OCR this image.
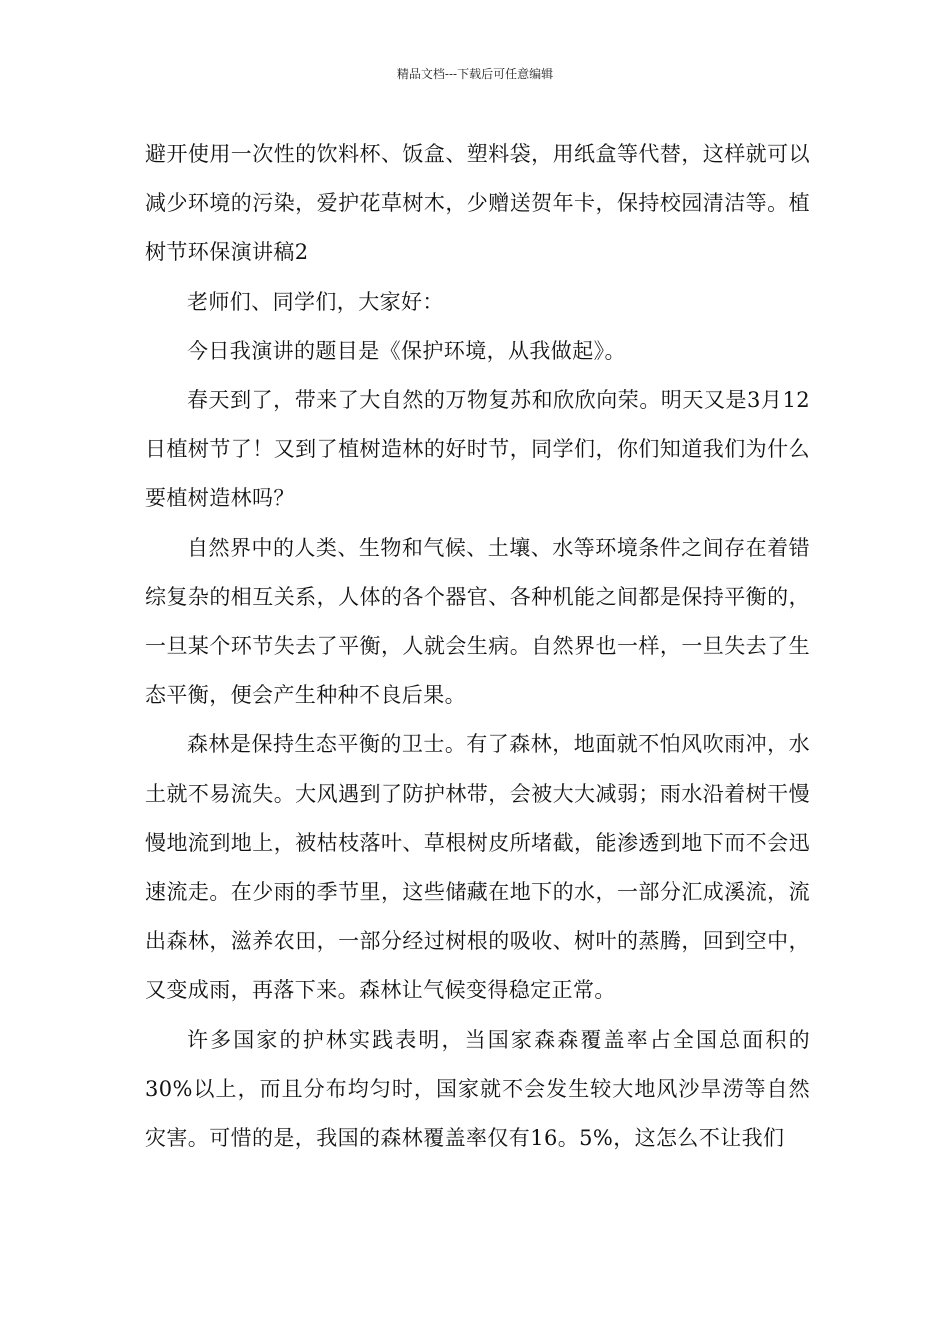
精品文档---下载后可任意编辑

避开使用一次性的饮料杯、饭盒、塑料袋，用纸盒等代替，这样就可以减少环境的污染，爱护花草树木，少赠送贺年卡，保持校园清洁等。植树节环保演讲稿2

老师们、同学们，大家好：

今日我演讲的题目是《保护环境，从我做起》。

春天到了，带来了大自然的万物复苏和欣欣向荣。明天又是3月12日植树节了！又到了植树造林的好时节，同学们，你们知道我们为什么要植树造林吗？

自然界中的人类、生物和气候、土壤、水等环境条件之间存在着错综复杂的相互关系，人体的各个器官、各种机能之间都是保持平衡的，一旦某个环节失去了平衡，人就会生病。自然界也一样，一旦失去了生态平衡，便会产生种种不良后果。

森林是保持生态平衡的卫士。有了森林，地面就不怕风吹雨冲，水土就不易流失。大风遇到了防护林带，会被大大减弱；雨水沿着树干慢慢地流到地上，被枯枝落叶、草根树皮所堵截，能渗透到地下而不会迅速流走。在少雨的季节里，这些储藏在地下的水，一部分汇成溪流，流出森林，滋养农田，一部分经过树根的吸收、树叶的蒸腾，回到空中，又变成雨，再落下来。森林让气候变得稳定正常。

许多国家的护林实践表明，当国家森森覆盖率占全国总面积的30%以上，而且分布均匀时，国家就不会发生较大地风沙旱涝等自然灾害。可惜的是，我国的森林覆盖率仅有16。5%，这怎么不让我们
